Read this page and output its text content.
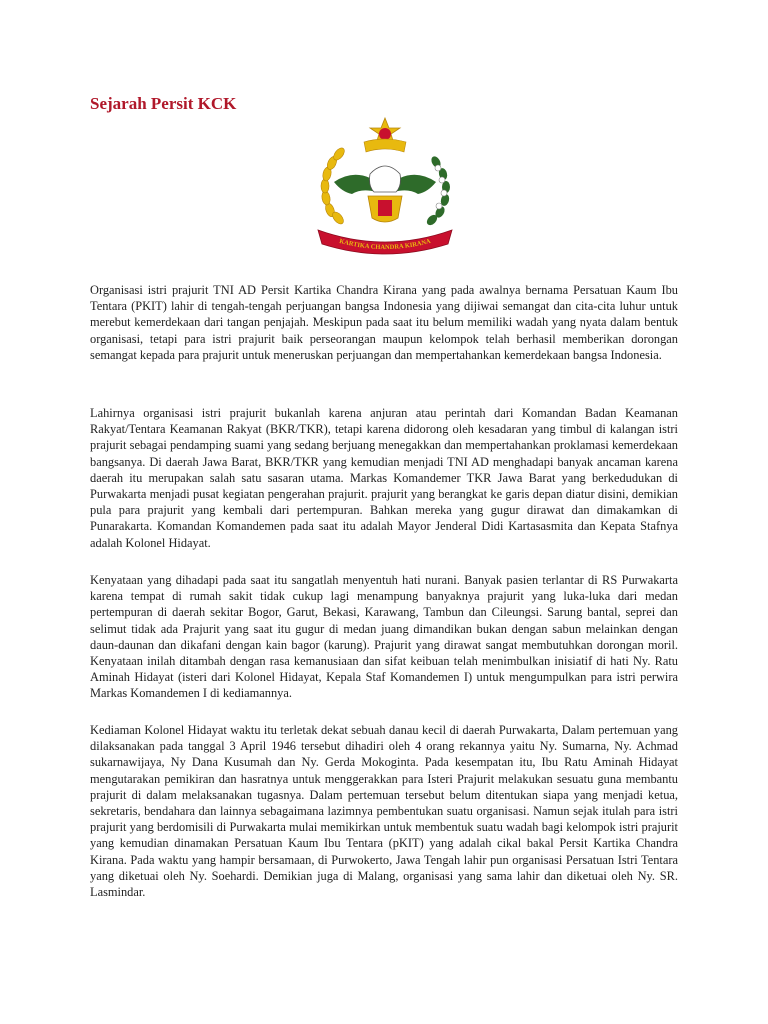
Sejarah Persit KCK
KARTIKA CHANDRA KIRANA

Organisasi istri prajurit TNI AD Persit Kartika Chandra Kirana yang pada awalnya bernama Persatuan Kaum Ibu Tentara (PKIT) lahir di tengah-tengah perjuangan bangsa Indonesia yang dijiwai semangat dan cita-cita luhur untuk merebut kemerdekaan dari tangan penjajah. Meskipun pada saat itu belum memiliki wadah yang nyata dalam bentuk organisasi, tetapi para istri prajurit baik perseorangan maupun kelompok telah berhasil memberikan dorongan semangat kepada para prajurit untuk meneruskan perjuangan dan mempertahankan kemerdekaan bangsa Indonesia.

Lahirnya organisasi istri prajurit bukanlah karena anjuran atau perintah dari Komandan Badan Keamanan Rakyat/Tentara Keamanan Rakyat (BKR/TKR), tetapi karena didorong oleh kesadaran yang timbul di kalangan istri prajurit sebagai pendamping suami yang sedang berjuang menegakkan dan mempertahankan proklamasi kemerdekaan bangsanya. Di daerah Jawa Barat, BKR/TKR yang kemudian menjadi TNI AD menghadapi banyak ancaman karena daerah itu merupakan salah satu sasaran utama. Markas Komandemer TKR Jawa Barat yang berkedudukan di Purwakarta menjadi pusat kegiatan pengerahan prajurit. prajurit yang berangkat ke garis depan diatur disini, demikian pula para prajurit yang kembali dari pertempuran. Bahkan mereka yang gugur dirawat dan dimakamkan di Punarakarta. Komandan Komandemen pada saat itu adalah Mayor Jenderal Didi Kartasasmita dan Kepata Stafnya adalah Kolonel Hidayat.

Kenyataan yang dihadapi pada saat itu sangatlah menyentuh hati nurani. Banyak pasien terlantar di RS Purwakarta karena tempat di rumah sakit tidak cukup lagi menampung banyaknya prajurit yang luka-luka dari medan pertempuran di daerah sekitar Bogor, Garut, Bekasi, Karawang, Tambun dan Cileungsi. Sarung bantal, seprei dan selimut tidak ada Prajurit yang saat itu gugur di medan juang dimandikan bukan dengan sabun melainkan dengan daun-daunan dan dikafani dengan kain bagor (karung). Prajurit yang dirawat sangat membutuhkan dorongan moril. Kenyataan inilah ditambah dengan rasa kemanusiaan dan sifat keibuan telah menimbulkan inisiatif di hati Ny. Ratu Aminah Hidayat (isteri dari Kolonel Hidayat, Kepala Staf Komandemen I) untuk mengumpulkan para istri perwira Markas Komandemen I di kediamannya.

Kediaman Kolonel Hidayat waktu itu terletak dekat sebuah danau kecil di daerah Purwakarta, Dalam pertemuan yang dilaksanakan pada tanggal 3 April 1946 tersebut dihadiri oleh 4 orang rekannya yaitu Ny. Sumarna, Ny. Achmad sukarnawijaya, Ny Dana Kusumah dan Ny. Gerda Mokoginta. Pada kesempatan itu, Ibu Ratu Aminah Hidayat mengutarakan pemikiran dan hasratnya untuk menggerakkan para Isteri Prajurit melakukan sesuatu guna membantu prajurit di dalam melaksanakan tugasnya. Dalam pertemuan tersebut belum ditentukan siapa yang menjadi ketua, sekretaris, bendahara dan lainnya sebagaimana lazimnya pembentukan suatu organisasi. Namun sejak itulah para istri prajurit yang berdomisili di Purwakarta mulai memikirkan untuk membentuk suatu wadah bagi kelompok istri prajurit yang kemudian dinamakan Persatuan Kaum Ibu Tentara (pKIT) yang adalah cikal bakal Persit Kartika Chandra Kirana. Pada waktu yang hampir bersamaan, di Purwokerto, Jawa Tengah lahir pun organisasi Persatuan Istri Tentara yang diketuai oleh Ny. Soehardi. Demikian juga di Malang, organisasi yang sama lahir dan diketuai oleh Ny. SR. Lasmindar.
